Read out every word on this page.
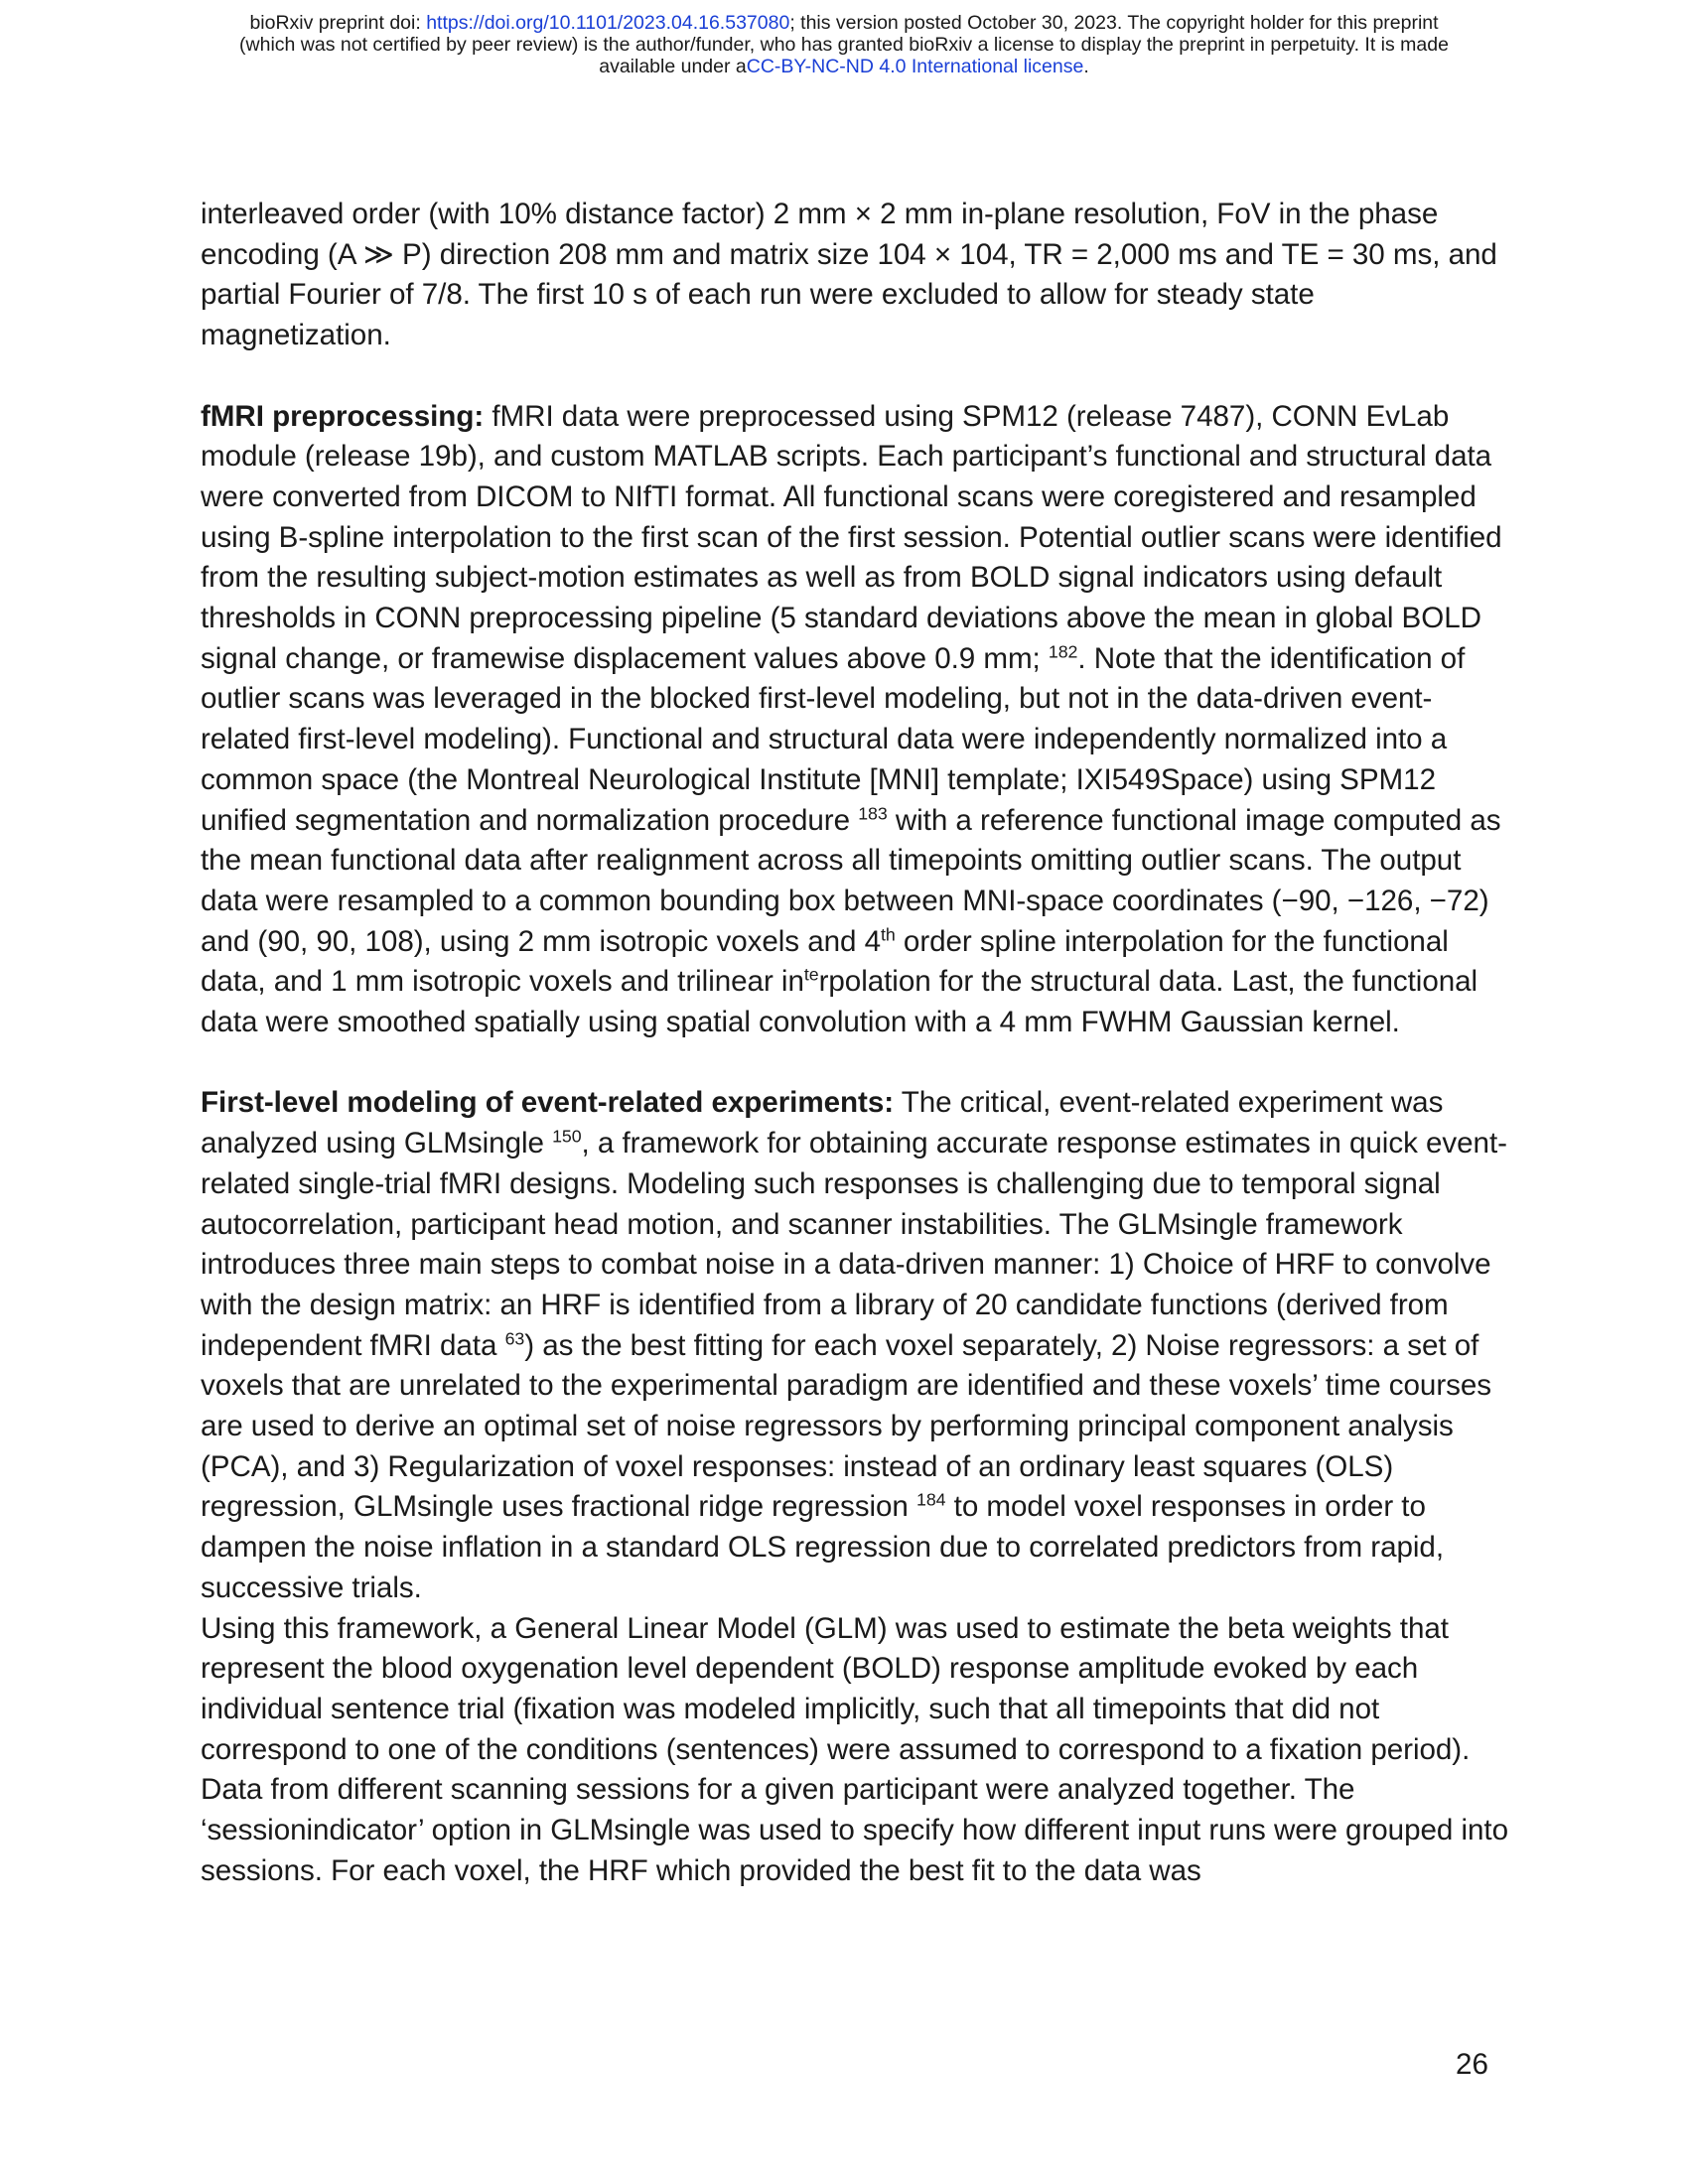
bioRxiv preprint doi: https://doi.org/10.1101/2023.04.16.537080; this version posted October 30, 2023. The copyright holder for this preprint
(which was not certified by peer review) is the author/funder, who has granted bioRxiv a license to display the preprint in perpetuity. It is made
available under aCC-BY-NC-ND 4.0 International license.

interleaved order (with 10% distance factor) 2 mm × 2 mm in-plane resolution, FoV in the phase encoding (A ≫ P) direction 208 mm and matrix size 104 × 104, TR = 2,000 ms and TE = 30 ms, and partial Fourier of 7/8. The first 10 s of each run were excluded to allow for steady state magnetization.

fMRI preprocessing: fMRI data were preprocessed using SPM12 (release 7487), CONN EvLab module (release 19b), and custom MATLAB scripts. Each participant’s functional and structural data were converted from DICOM to NIfTI format. All functional scans were coregistered and resampled using B-spline interpolation to the first scan of the first session. Potential outlier scans were identified from the resulting subject-motion estimates as well as from BOLD signal indicators using default thresholds in CONN preprocessing pipeline (5 standard deviations above the mean in global BOLD signal change, or framewise displacement values above 0.9 mm; $^{182}$. Note that the identification of outlier scans was leveraged in the blocked first-level modeling, but not in the data-driven event-related first-level modeling). Functional and structural data were independently normalized into a common space (the Montreal Neurological Institute [MNI] template; IXI549Space) using SPM12 unified segmentation and normalization procedure $^{183}$ with a reference functional image computed as the mean functional data after realignment across all timepoints omitting outlier scans. The output data were resampled to a common bounding box between MNI-space coordinates (−90, −126, −72) and (90, 90, 108), using 2 mm isotropic voxels and 4th order spline interpolation for the functional data, and 1 mm isotropic voxels and trilinear $in^{te}rpolation$ for the structural data. Last, the functional data were smoothed spatially using spatial convolution with a 4 mm FWHM Gaussian kernel.

First-level modeling of event-related experiments: The critical, event-related experiment was analyzed using GLMsingle $^{150}$, a framework for obtaining accurate response estimates in quick event-related single-trial fMRI designs. Modeling such responses is challenging due to temporal signal autocorrelation, participant head motion, and scanner instabilities. The GLMsingle framework introduces three main steps to combat noise in a data-driven manner: 1) Choice of HRF to convolve with the design matrix: an HRF is identified from a library of 20 candidate functions (derived from independent fMRI data $^{63}$) as the best fitting for each voxel separately, 2) Noise regressors: a set of voxels that are unrelated to the experimental paradigm are identified and these voxels’ time courses are used to derive an optimal set of noise regressors by performing principal component analysis (PCA), and 3) Regularization of voxel responses: instead of an ordinary least squares (OLS) regression, GLMsingle uses fractional ridge regression $^{184}$ to model voxel responses in order to dampen the noise inflation in a standard OLS regression due to correlated predictors from rapid, successive trials.

Using this framework, a General Linear Model (GLM) was used to estimate the beta weights that represent the blood oxygenation level dependent (BOLD) response amplitude evoked by each individual sentence trial (fixation was modeled implicitly, such that all timepoints that did not correspond to one of the conditions (sentences) were assumed to correspond to a fixation period). Data from different scanning sessions for a given participant were analyzed together. The ‘sessionindicator’ option in GLMsingle was used to specify how different input runs were grouped into sessions. For each voxel, the HRF which provided the best fit to the data was

26
